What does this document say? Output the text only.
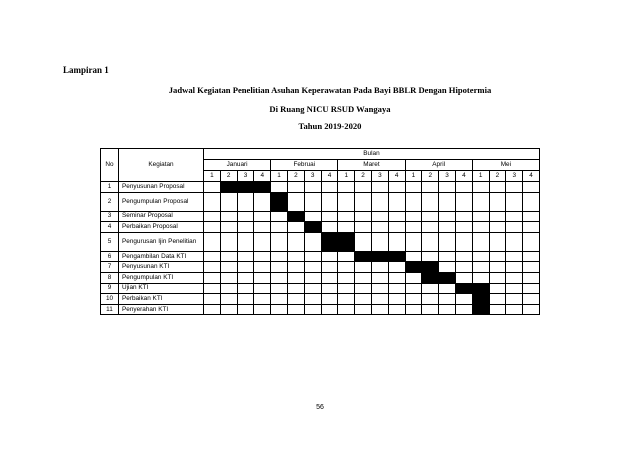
Lampiran 1
Jadwal Kegiatan Penelitian Asuhan Keperawatan Pada Bayi BBLR Dengan Hipotermia
Di Ruang NICU RSUD Wangaya
Tahun 2019-2020
No	Kegiatan	Bulan																			
		Januari				Februai				Maret				April				Mei			
		1	2	3	4	1	2	3	4	1	2	3	4	1	2	3	4	1	2	3	4
1	Penyusunan Proposal																				
2	Pengumpulan Proposal																				
3	Seminar Proposal																				
4	Perbaikan Proposal																				
5	Pengurusan Ijin Penelitian																				
6	Pengambilan Data KTI																				
7	Penyusunan KTI																				
8	Pengumpulan KTI																				
9	Ujian KTI																				
10	Perbaikan KTI																				
11	Penyerahan KTI																				
56
